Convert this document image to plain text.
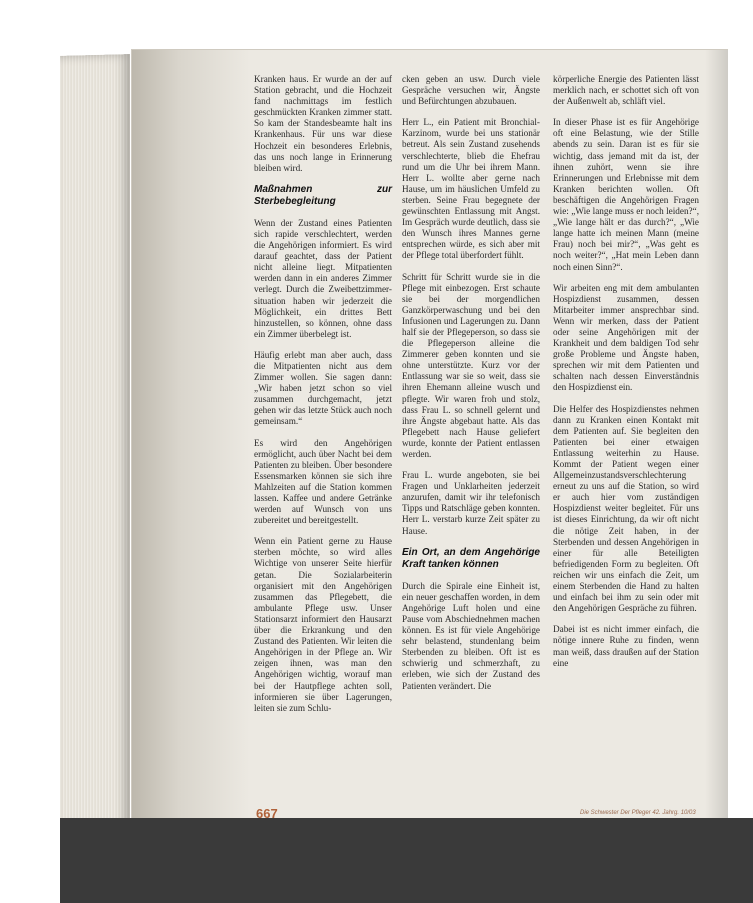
Kranken haus. Er wurde an der auf Station gebracht, und die Hochzeit fand nachmittags im festlich geschmückten Kranken zimmer statt. So kam der Standesbeamte halt ins Krankenhaus. Für uns war diese Hochzeit ein besonderes Erlebnis, das uns noch lange in Erinnerung bleiben wird.

Maßnahmen zur Sterbebegleitung

Wenn der Zustand eines Patienten sich rapide verschlechtert, werden die Angehörigen informiert. Es wird darauf geachtet, dass der Patient nicht alleine liegt. Mitpatienten werden dann in ein anderes Zimmer verlegt. Durch die Zweibettzimmer-situation haben wir jederzeit die Möglichkeit, ein drittes Bett hinzustellen, so können, ohne dass ein Zimmer überbelegt ist.

Häufig erlebt man aber auch, dass die Mitpatienten nicht aus dem Zimmer wollen. Sie sagen dann: „Wir haben jetzt schon so viel zusammen durchgemacht, jetzt gehen wir das letzte Stück auch noch gemeinsam.“

Es wird den Angehörigen ermöglicht, auch über Nacht bei dem Patienten zu bleiben. Über besondere Essensmarken können sie sich ihre Mahlzeiten auf die Station kommen lassen. Kaffee und andere Getränke werden auf Wunsch von uns zubereitet und bereitgestellt.

Wenn ein Patient gerne zu Hause sterben möchte, so wird alles Wichtige von unserer Seite hierfür getan. Die Sozialarbeiterin organisiert mit den Angehörigen zusammen das Pflegebett, die ambulante Pflege usw. Unser Stationsarzt informiert den Hausarzt über die Erkrankung und den Zustand des Patienten. Wir leiten die Angehörigen in der Pflege an. Wir zeigen ihnen, was man den Angehörigen wichtig, worauf man bei der Hautpflege achten soll, informieren sie über Lagerungen, leiten sie zum Schlu-

cken geben an usw. Durch viele Gespräche versuchen wir, Ängste und Befürchtungen abzubauen.

Herr L., ein Patient mit Bronchial-Karzinom, wurde bei uns stationär betreut. Als sein Zustand zusehends verschlechterte, blieb die Ehefrau rund um die Uhr bei ihrem Mann. Herr L. wollte aber gerne nach Hause, um im häuslichen Umfeld zu sterben. Seine Frau begegnete der gewünschten Entlassung mit Angst. Im Gespräch wurde deutlich, dass sie den Wunsch ihres Mannes gerne entsprechen würde, es sich aber mit der Pflege total überfordert fühlt.

Schritt für Schritt wurde sie in die Pflege mit einbezogen. Erst schaute sie bei der morgendlichen Ganzkörperwaschung und bei den Infusionen und Lagerungen zu. Dann half sie der Pflegeperson, so dass sie die Pflegeperson alleine die Zimmerer geben konnten und sie ohne unterstützte. Kurz vor der Entlassung war sie so weit, dass sie ihren Ehemann alleine wusch und pflegte. Wir waren froh und stolz, dass Frau L. so schnell gelernt und ihre Ängste abgebaut hatte. Als das Pflegebett nach Hause geliefert wurde, konnte der Patient entlassen werden.

Frau L. wurde angeboten, sie bei Fragen und Unklarheiten jederzeit anzurufen, damit wir ihr telefonisch Tipps und Ratschläge geben konnten. Herr L. verstarb kurze Zeit später zu Hause.

Ein Ort, an dem Angehörige Kraft tanken können

Durch die Spirale eine Einheit ist, ein neuer geschaffen worden, in dem Angehörige Luft holen und eine Pause vom Abschiednehmen machen können. Es ist für viele Angehörige sehr belastend, stundenlang beim Sterbenden zu bleiben. Oft ist es schwierig und schmerzhaft, zu erleben, wie sich der Zustand des Patienten verändert. Die

körperliche Energie des Patienten lässt merklich nach, er schottet sich oft von der Außenwelt ab, schläft viel.

In dieser Phase ist es für Angehörige oft eine Belastung, wie der Stille abends zu sein. Daran ist es für sie wichtig, dass jemand mit da ist, der ihnen zuhört, wenn sie ihre Erinnerungen und Erlebnisse mit dem Kranken berichten wollen. Oft beschäftigen die Angehörigen Fragen wie: „Wie lange muss er noch leiden?“, „Wie lange hält er das durch?“, „Wie lange hatte ich meinen Mann (meine Frau) noch bei mir?“, „Was geht es noch weiter?“, „Hat mein Leben dann noch einen Sinn?“.

Wir arbeiten eng mit dem ambulanten Hospizdienst zusammen, dessen Mitarbeiter immer ansprechbar sind. Wenn wir merken, dass der Patient oder seine Angehörigen mit der Krankheit und dem baldigen Tod sehr große Probleme und Ängste haben, sprechen wir mit dem Patienten und schalten nach dessen Einverständnis den Hospizdienst ein.

Die Helfer des Hospizdienstes nehmen dann zu Kranken einen Kontakt mit dem Patienten auf. Sie begleiten den Patienten bei einer etwaigen Entlassung weiterhin zu Hause. Kommt der Patient wegen einer Allgemeinzustandsverschlechterung erneut zu uns auf die Station, so wird er auch hier vom zuständigen Hospizdienst weiter begleitet. Für uns ist dieses Einrichtung, da wir oft nicht die nötige Zeit haben, in der Sterbenden und dessen Angehörigen in einer für alle Beteiligten befriedigenden Form zu begleiten. Oft reichen wir uns einfach die Zeit, um einem Sterbenden die Hand zu halten und einfach bei ihm zu sein oder mit den Angehörigen Gespräche zu führen.

Dabei ist es nicht immer einfach, die nötige innere Ruhe zu finden, wenn man weiß, dass draußen auf der Station eine

667	Die Schwester Der Pfleger 42. Jahrg. 10/03
